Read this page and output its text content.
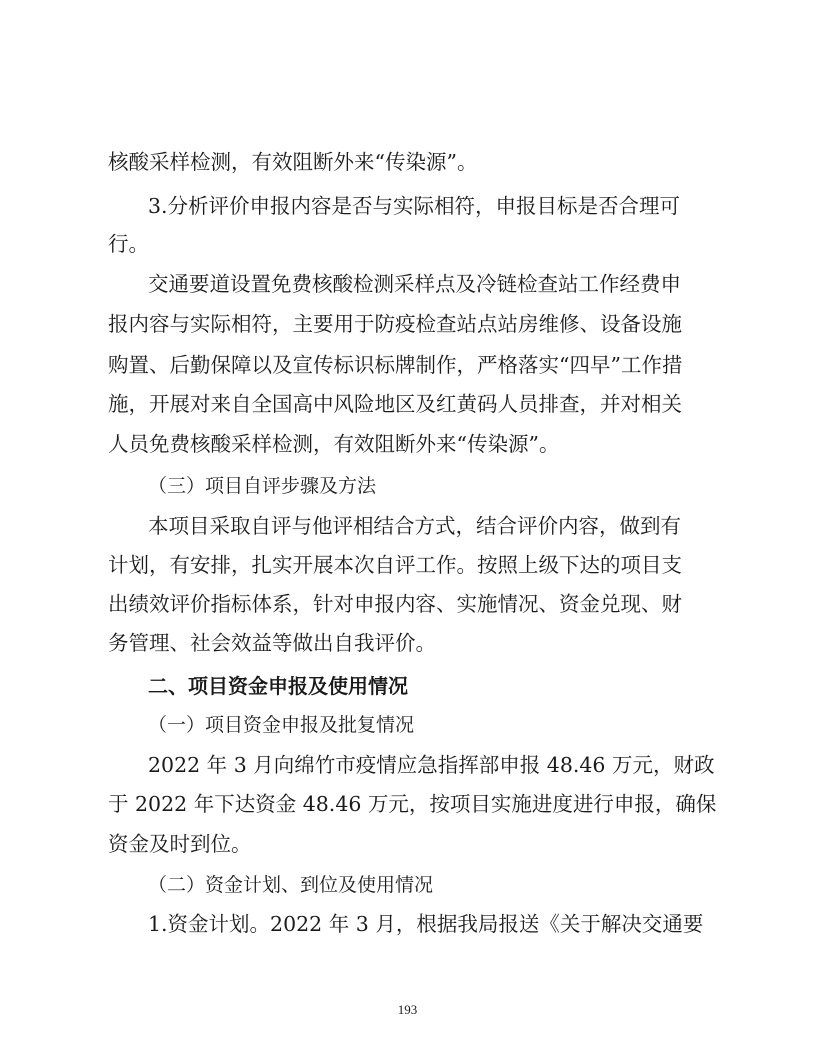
核酸采样检测，有效阻断外来“传染源”。
3.分析评价申报内容是否与实际相符，申报目标是否合理可
行。
交通要道设置免费核酸检测采样点及冷链检查站工作经费申
报内容与实际相符，主要用于防疫检查站点站房维修、设备设施
购置、后勤保障以及宣传标识标牌制作，严格落实“四早”工作措
施，开展对来自全国高中风险地区及红黄码人员排查，并对相关
人员免费核酸采样检测，有效阻断外来“传染源”。
（三）项目自评步骤及方法
本项目采取自评与他评相结合方式，结合评价内容，做到有
计划，有安排，扎实开展本次自评工作。按照上级下达的项目支
出绩效评价指标体系，针对申报内容、实施情况、资金兑现、财
务管理、社会效益等做出自我评价。
二、项目资金申报及使用情况
（一）项目资金申报及批复情况
2022 年 3 月向绵竹市疫情应急指挥部申报 48.46 万元，财政
于 2022 年下达资金 48.46 万元，按项目实施进度进行申报，确保
资金及时到位。
（二）资金计划、到位及使用情况
1.资金计划。2022 年 3 月，根据我局报送《关于解决交通要
193
